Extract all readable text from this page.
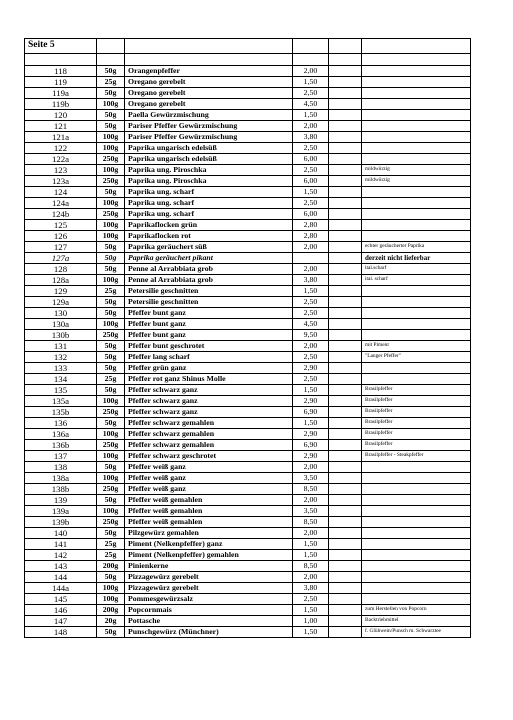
Seite 5					

118	50g	Orangenpfeffer	2,00		
119	25g	Oregano gerebelt	1,50		
119a	50g	Oregano gerebelt	2,50		
119b	100g	Oregano gerebelt	4,50		
120	50g	Paella Gewürzmischung	1,50		
121	50g	Pariser Pfeffer Gewürzmischung	2,00		
121a	100g	Pariser Pfeffer Gewürzmischung	3,80		
122	100g	Paprika ungarisch edelsüß	2,50		
122a	250g	Paprika ungarisch edelsüß	6,00		
123	100g	Paprika ung. Piroschka	2,50		mildwürzig
123a	250g	Paprika ung. Piroschka	6,00		mildwürzig
124	50g	Paprika ung. scharf	1,50		
124a	100g	Paprika ung. scharf	2,50		
124b	250g	Paprika ung. scharf	6,00		
125	100g	Paprikaflocken grün	2,80		
126	100g	Paprikaflocken rot	2,80		
127	50g	Paprika geräuchert süß	2,00		echter geräucherter Paprika
127a	50g	Paprika geräuchert pikant			derzeit nicht lieferbar
128	50g	Penne al Arrabbiata grob	2,00		ital.scharf
128a	100g	Penne al Arrabbiata grob	3,80		ital. scharf
129	25g	Petersilie geschnitten	1,50		
129a	50g	Petersilie geschnitten	2,50		
130	50g	Pfeffer bunt ganz	2,50		
130a	100g	Pfeffer bunt ganz	4,50		
130b	250g	Pfeffer bunt ganz	9,50		
131	50g	Pfeffer bunt geschrotet	2,00		mit Piment
132	50g	Pfeffer lang scharf	2,50		"Langer Pfeffer"
133	50g	Pfeffer grün ganz	2,90		
134	25g	Pfeffer rot ganz Shinus Molle	2,50		
135	50g	Pfeffer schwarz ganz	1,50		Brasilpfeffer
135a	100g	Pfeffer schwarz ganz	2,90		Brasilpfeffer
135b	250g	Pfeffer schwarz ganz	6,90		Brasilpfeffer
136	50g	Pfeffer schwarz gemahlen	1,50		Brasilpfeffer
136a	100g	Pfeffer schwarz gemahlen	2,90		Brasilpfeffer
136b	250g	Pfeffer schwarz gemahlen	6,90		Brasilpfeffer
137	100g	Pfeffer schwarz geschrotet	2,90		Brasilpfeffer - Steakpfeffer
138	50g	Pfeffer weiß ganz	2,00		
138a	100g	Pfeffer weiß ganz	3,50		
138b	250g	Pfeffer weiß ganz	8,50		
139	50g	Pfeffer weiß gemahlen	2,00		
139a	100g	Pfeffer weiß gemahlen	3,50		
139b	250g	Pfeffer weiß gemahlen	8,50		
140	50g	Pilzgewürz gemahlen	2,00		
141	25g	Piment (Nelkenpfeffer) ganz	1,50		
142	25g	Piment (Nelkenpfeffer) gemahlen	1,50		
143	200g	Pinienkerne	8,50		
144	50g	Pizzagewürz gerebelt	2,00		
144a	100g	Pizzagewürz gerebelt	3,80		
145	100g	Pommesgewürzsalz	2,50		
146	200g	Popcornmais	1,50		zum Herstellen von Popcorn
147	20g	Pottasche	1,00		Backtriebmittel
148	50g	Punschgewürz (Münchner)	1,50		f. Glühwein/Punsch m. Schwarztee
